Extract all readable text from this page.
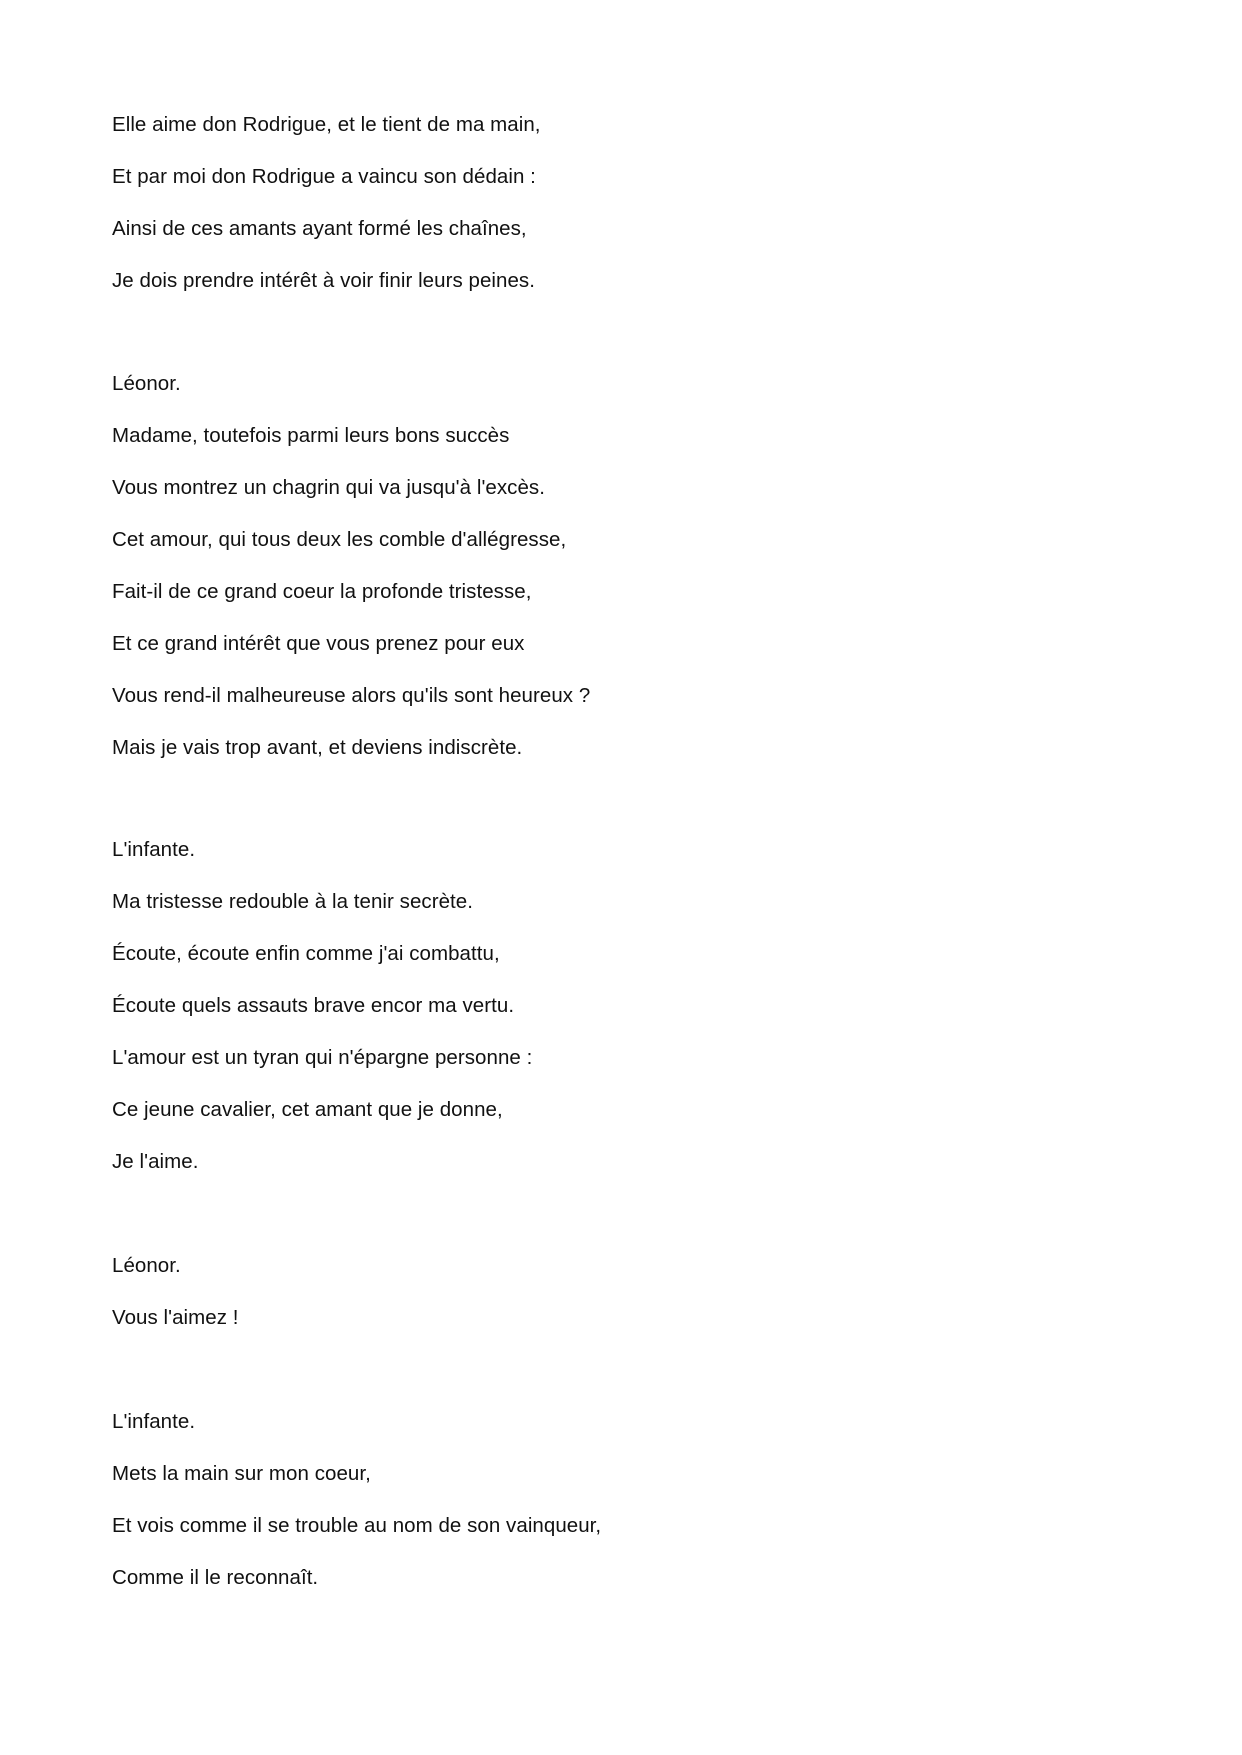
Elle aime don Rodrigue, et le tient de ma main,
Et par moi don Rodrigue a vaincu son dédain :
Ainsi de ces amants ayant formé les chaînes,
Je dois prendre intérêt à voir finir leurs peines.
Léonor.
Madame, toutefois parmi leurs bons succès
Vous montrez un chagrin qui va jusqu'à l'excès.
Cet amour, qui tous deux les comble d'allégresse,
Fait-il de ce grand coeur la profonde tristesse,
Et ce grand intérêt que vous prenez pour eux
Vous rend-il malheureuse alors qu'ils sont heureux ?
Mais je vais trop avant, et deviens indiscrète.
L'infante.
Ma tristesse redouble à la tenir secrète.
Écoute, écoute enfin comme j'ai combattu,
Écoute quels assauts brave encor ma vertu.
L'amour est un tyran qui n'épargne personne :
Ce jeune cavalier, cet amant que je donne,
Je l'aime.
Léonor.
Vous l'aimez !
L'infante.
Mets la main sur mon coeur,
Et vois comme il se trouble au nom de son vainqueur,
Comme il le reconnaît.
